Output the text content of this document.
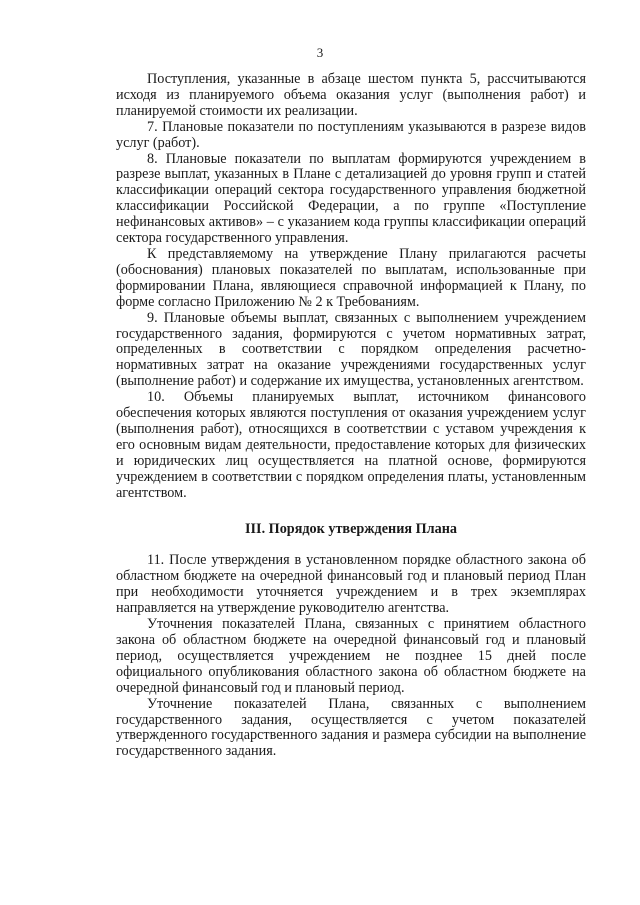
3

Поступления, указанные в абзаце шестом пункта 5, рассчитываются исходя из планируемого объема оказания услуг (выполнения работ) и планируемой стоимости их реализации.

7. Плановые показатели по поступлениям указываются в разрезе видов услуг (работ).

8. Плановые показатели по выплатам формируются учреждением в разрезе выплат, указанных в Плане с детализацией до уровня групп и статей классификации операций сектора государственного управления бюджетной классификации Российской Федерации, а по группе «Поступление нефинансовых активов» – с указанием кода группы классификации операций сектора государственного управления.

К представляемому на утверждение Плану прилагаются расчеты (обоснования) плановых показателей по выплатам, использованные при формировании Плана, являющиеся справочной информацией к Плану, по форме согласно Приложению № 2 к Требованиям.

9. Плановые объемы выплат, связанных с выполнением учреждением государственного задания, формируются с учетом нормативных затрат, определенных в соответствии с порядком определения расчетно-нормативных затрат на оказание учреждениями государственных услуг (выполнение работ) и содержание их имущества, установленных агентством.

10. Объемы планируемых выплат, источником финансового обеспечения которых являются поступления от оказания учреждением услуг (выполнения работ), относящихся в соответствии с уставом учреждения к его основным видам деятельности, предоставление которых для физических и юридических лиц осуществляется на платной основе, формируются учреждением в соответствии с порядком определения платы, установленным агентством.

III. Порядок утверждения Плана

11. После утверждения в установленном порядке областного закона об областном бюджете на очередной финансовый год и плановый период План при необходимости уточняется учреждением и в трех экземплярах направляется на утверждение руководителю агентства.

Уточнения показателей Плана, связанных с принятием областного закона об областном бюджете на очередной финансовый год и плановый период, осуществляется учреждением не позднее 15 дней после официального опубликования областного закона об областном бюджете на очередной финансовый год и плановый период.

Уточнение показателей Плана, связанных с выполнением государственного задания, осуществляется с учетом показателей утвержденного государственного задания и размера субсидии на выполнение государственного задания.
